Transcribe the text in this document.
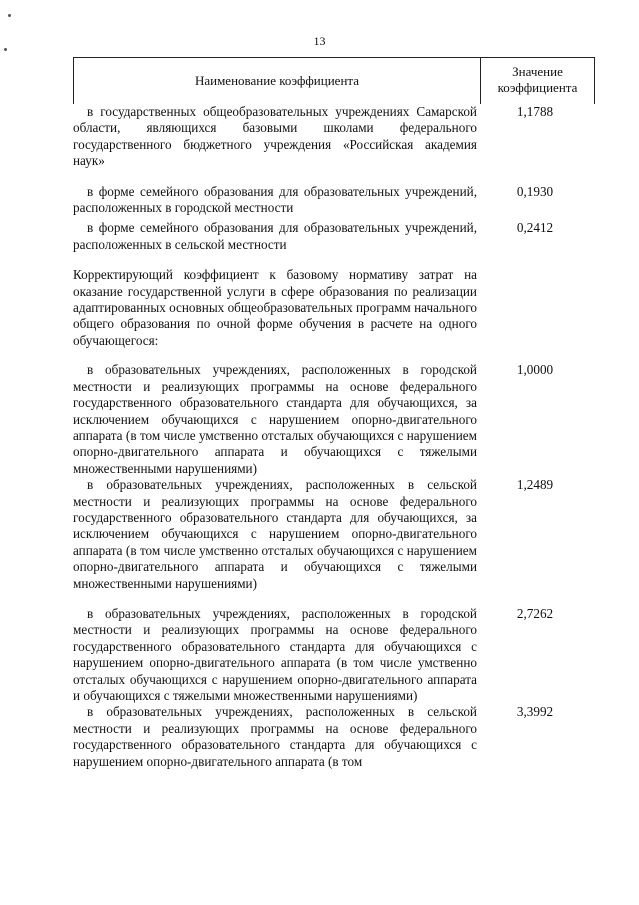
13
Наименование коэффициента
Значение
коэффициента
в государственных общеобразовательных учреждениях Самарской области, являющихся базовыми школами федерального государственного бюджетного учреждения «Российская академия наук»
1,1788
в форме семейного образования для образовательных учреждений, расположенных в городской местности
0,1930
в форме семейного образования для образовательных учреждений, расположенных в сельской местности
0,2412
Корректирующий коэффициент к базовому нормативу затрат на оказание государственной услуги в сфере образования по реализации адаптированных основных общеобразовательных программ начального общего образования по очной форме обучения в расчете на одного обучающегося:
в образовательных учреждениях, расположенных в городской местности и реализующих программы на основе федерального государственного образовательного стандарта для обучающихся, за исключением обучающихся с нарушением опорно-двигательного аппарата (в том числе умственно отсталых обучающихся с нарушением опорно-двигательного аппарата и обучающихся с тяжелыми множественными нарушениями)
1,0000
в образовательных учреждениях, расположенных в сельской местности и реализующих программы на основе федерального государственного образовательного стандарта для обучающихся, за исключением обучающихся с нарушением опорно-двигательного аппарата (в том числе умственно отсталых обучающихся с нарушением опорно-двигательного аппарата и обучающихся с тяжелыми множественными нарушениями)
1,2489
в образовательных учреждениях, расположенных в городской местности и реализующих программы на основе федерального государственного образовательного стандарта для обучающихся с нарушением опорно-двигательного аппарата (в том числе умственно отсталых обучающихся с нарушением опорно-двигательного аппарата и обучающихся с тяжелыми множественными нарушениями)
2,7262
в образовательных учреждениях, расположенных в сельской местности и реализующих программы на основе федерального государственного образовательного стандарта для обучающихся с нарушением опорно-двигательного аппарата (в том
3,3992
